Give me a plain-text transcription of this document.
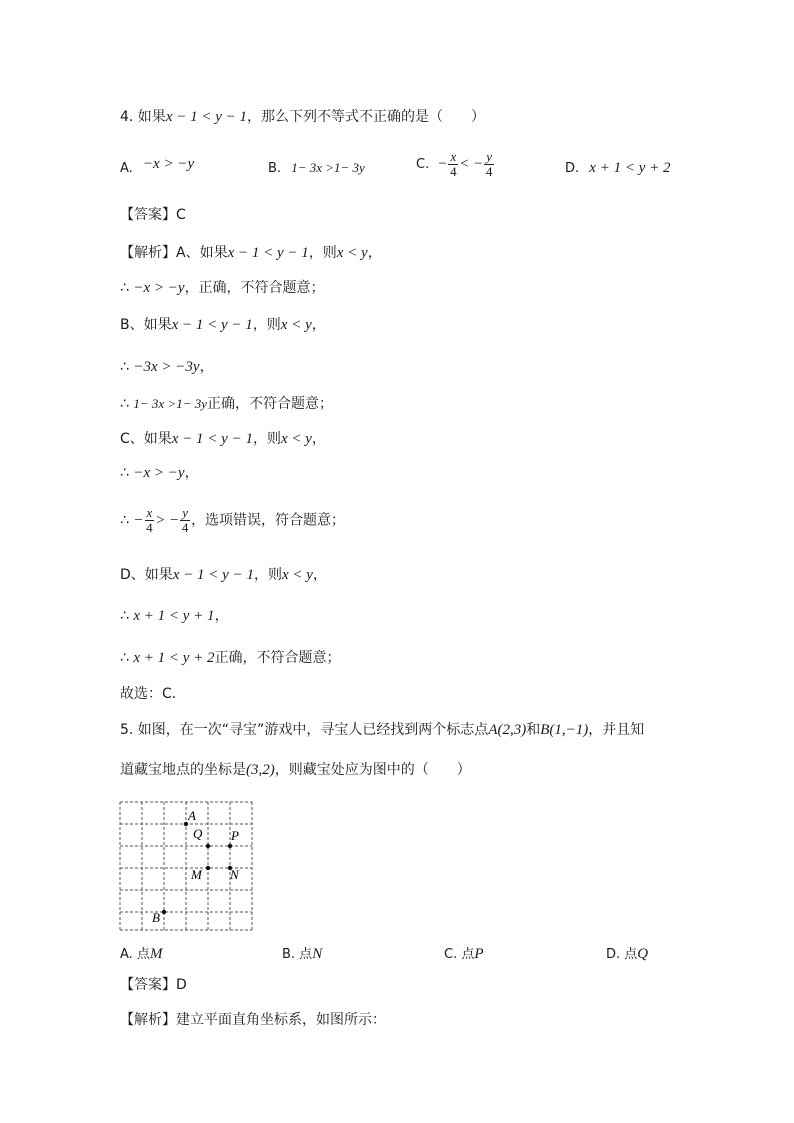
4. 如果x − 1 < y − 1，那么下列不等式不正确的是（　　）
A. −x > −y	B. 1− 3x >1− 3y	C. − $\frac{x}{4}$ < − $\frac{y}{4}$	D. x + 1 < y + 2
【答案】C
【解析】A、如果x − 1 < y − 1，则x < y，
∴ −x > −y，正确，不符合题意；
B、如果x − 1 < y − 1，则x < y，
∴ −3x > −3y，
∴ 1− 3x >1− 3y正确，不符合题意；
C、如果x − 1 < y − 1，则x < y，
∴ −x > −y，
∴ − $\frac{x}{4}$ > − $\frac{y}{4}$ ，选项错误，符合题意；
D、如果x − 1 < y − 1，则x < y，
∴ x + 1 < y + 1，
∴ x + 1 < y + 2正确，不符合题意；
故选：C．
5. 如图，在一次“寻宝”游戏中，寻宝人已经找到两个标志点A(2,3)和B(1,−1)，并且知
道藏宝地点的坐标是(3,2)，则藏宝处应为图中的（　　）
A
Q P
M N
B
A. 点M	B. 点N	C. 点P	D. 点Q
【答案】D
【解析】建立平面直角坐标系，如图所示：
